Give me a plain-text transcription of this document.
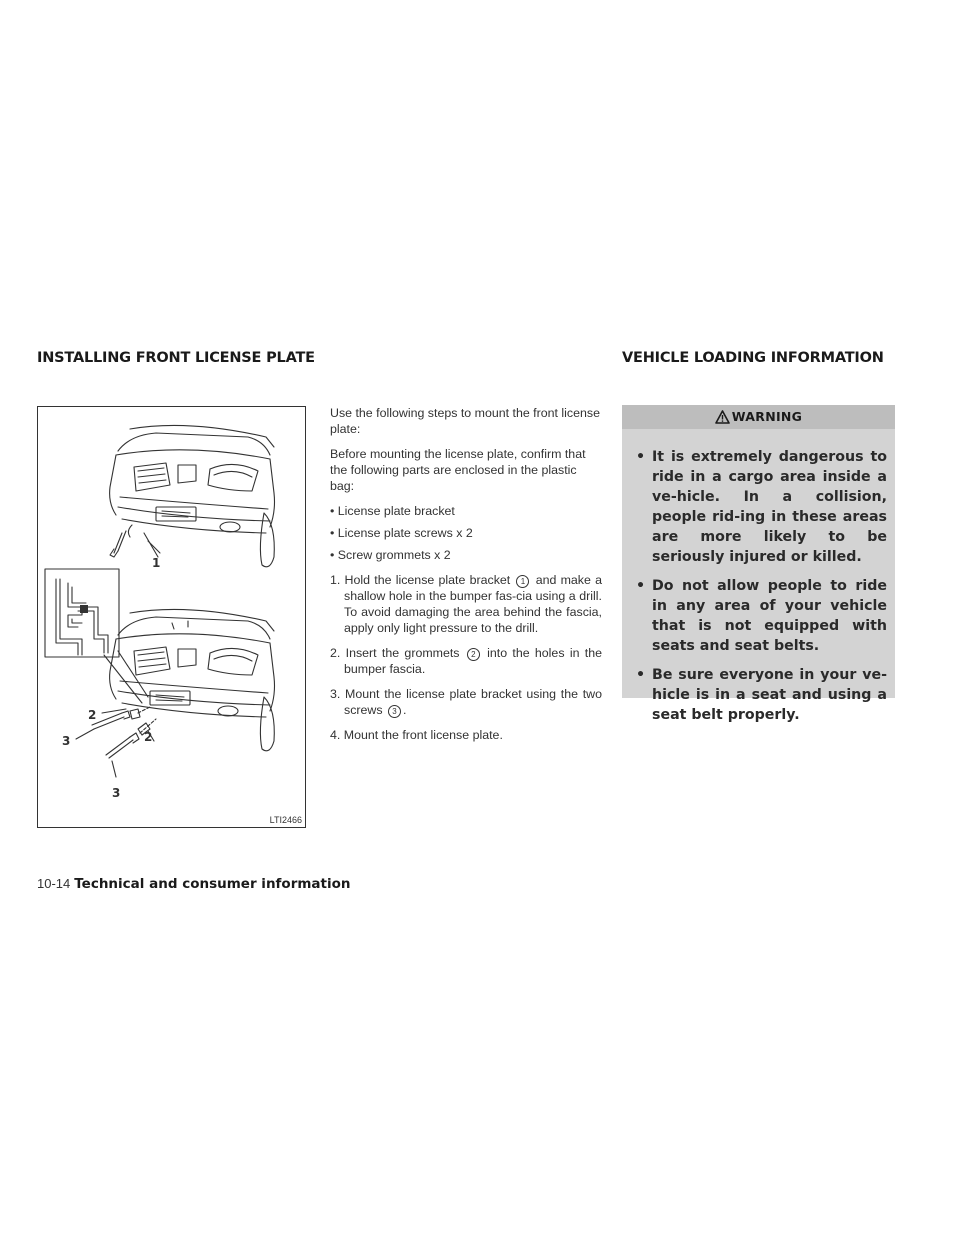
INSTALLING FRONT LICENSE PLATE	VEHICLE LOADING INFORMATION
1
2
3	2
3
LTI2466

Use the following steps to mount the front license plate:

Before mounting the license plate, confirm that the following parts are enclosed in the plastic bag:

• License plate bracket

• License plate screws x 2

• Screw grommets x 2

1. Hold the license plate bracket 1 and make a shallow hole in the bumper fas-cia using a drill. To avoid damaging the area behind the fascia, apply only light pressure to the drill.

2. Insert the grommets 2 into the holes in the bumper fascia.

3. Mount the license plate bracket using the two screws 3 .

4. Mount the front license plate.

WARNING
• It is extremely dangerous to ride in a cargo area inside a ve-hicle. In a collision, people rid-ing in these areas are more likely to be seriously injured or killed.
• Do not allow people to ride in any area of your vehicle that is not equipped with seats and seat belts.
• Be sure everyone in your ve-hicle is in a seat and using a seat belt properly.
10-14 Technical and consumer information
